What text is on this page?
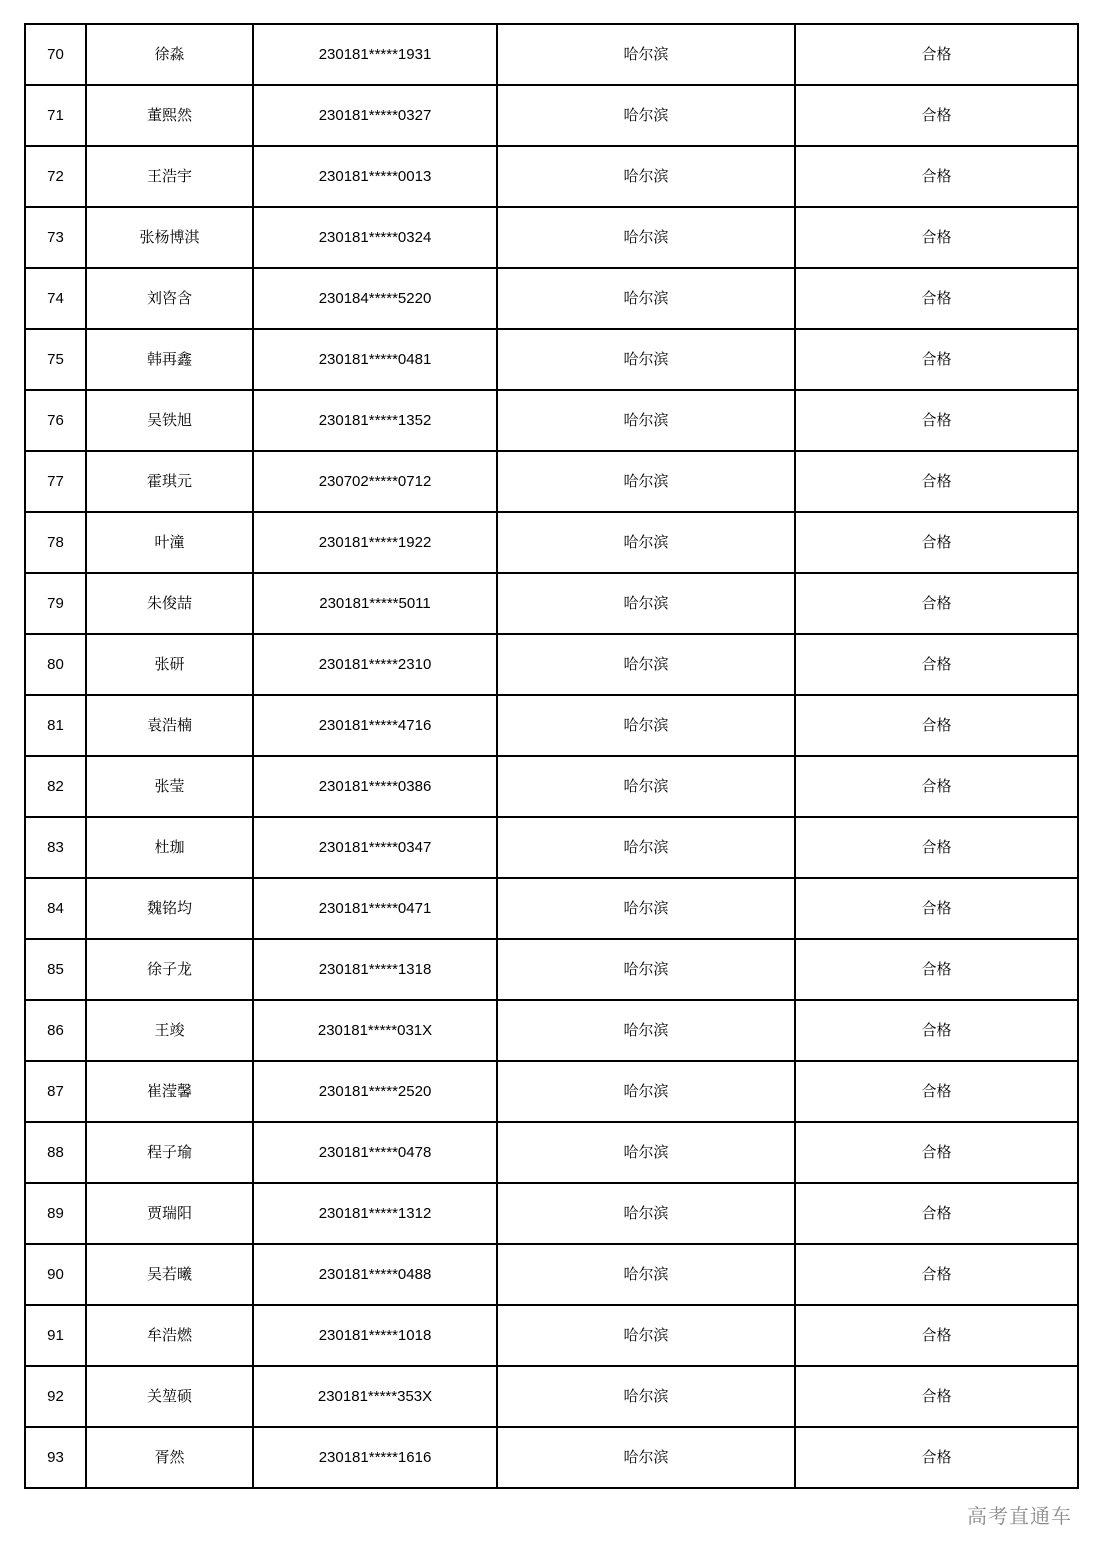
70	徐淼	230181*****1931	哈尔滨	合格
71	董熙然	230181*****0327	哈尔滨	合格
72	王浩宇	230181*****0013	哈尔滨	合格
73	张杨博淇	230181*****0324	哈尔滨	合格
74	刘咨含	230184*****5220	哈尔滨	合格
75	韩再鑫	230181*****0481	哈尔滨	合格
76	吴铁旭	230181*****1352	哈尔滨	合格
77	霍琪元	230702*****0712	哈尔滨	合格
78	叶潼	230181*****1922	哈尔滨	合格
79	朱俊喆	230181*****5011	哈尔滨	合格
80	张研	230181*****2310	哈尔滨	合格
81	袁浩楠	230181*****4716	哈尔滨	合格
82	张莹	230181*****0386	哈尔滨	合格
83	杜珈	230181*****0347	哈尔滨	合格
84	魏铭均	230181*****0471	哈尔滨	合格
85	徐子龙	230181*****1318	哈尔滨	合格
86	王竣	230181*****031X	哈尔滨	合格
87	崔滢馨	230181*****2520	哈尔滨	合格
88	程子瑜	230181*****0478	哈尔滨	合格
89	贾瑞阳	230181*****1312	哈尔滨	合格
90	吴若曦	230181*****0488	哈尔滨	合格
91	牟浩燃	230181*****1018	哈尔滨	合格
92	关堃硕	230181*****353X	哈尔滨	合格
93	胥然	230181*****1616	哈尔滨	合格
高考直通车
